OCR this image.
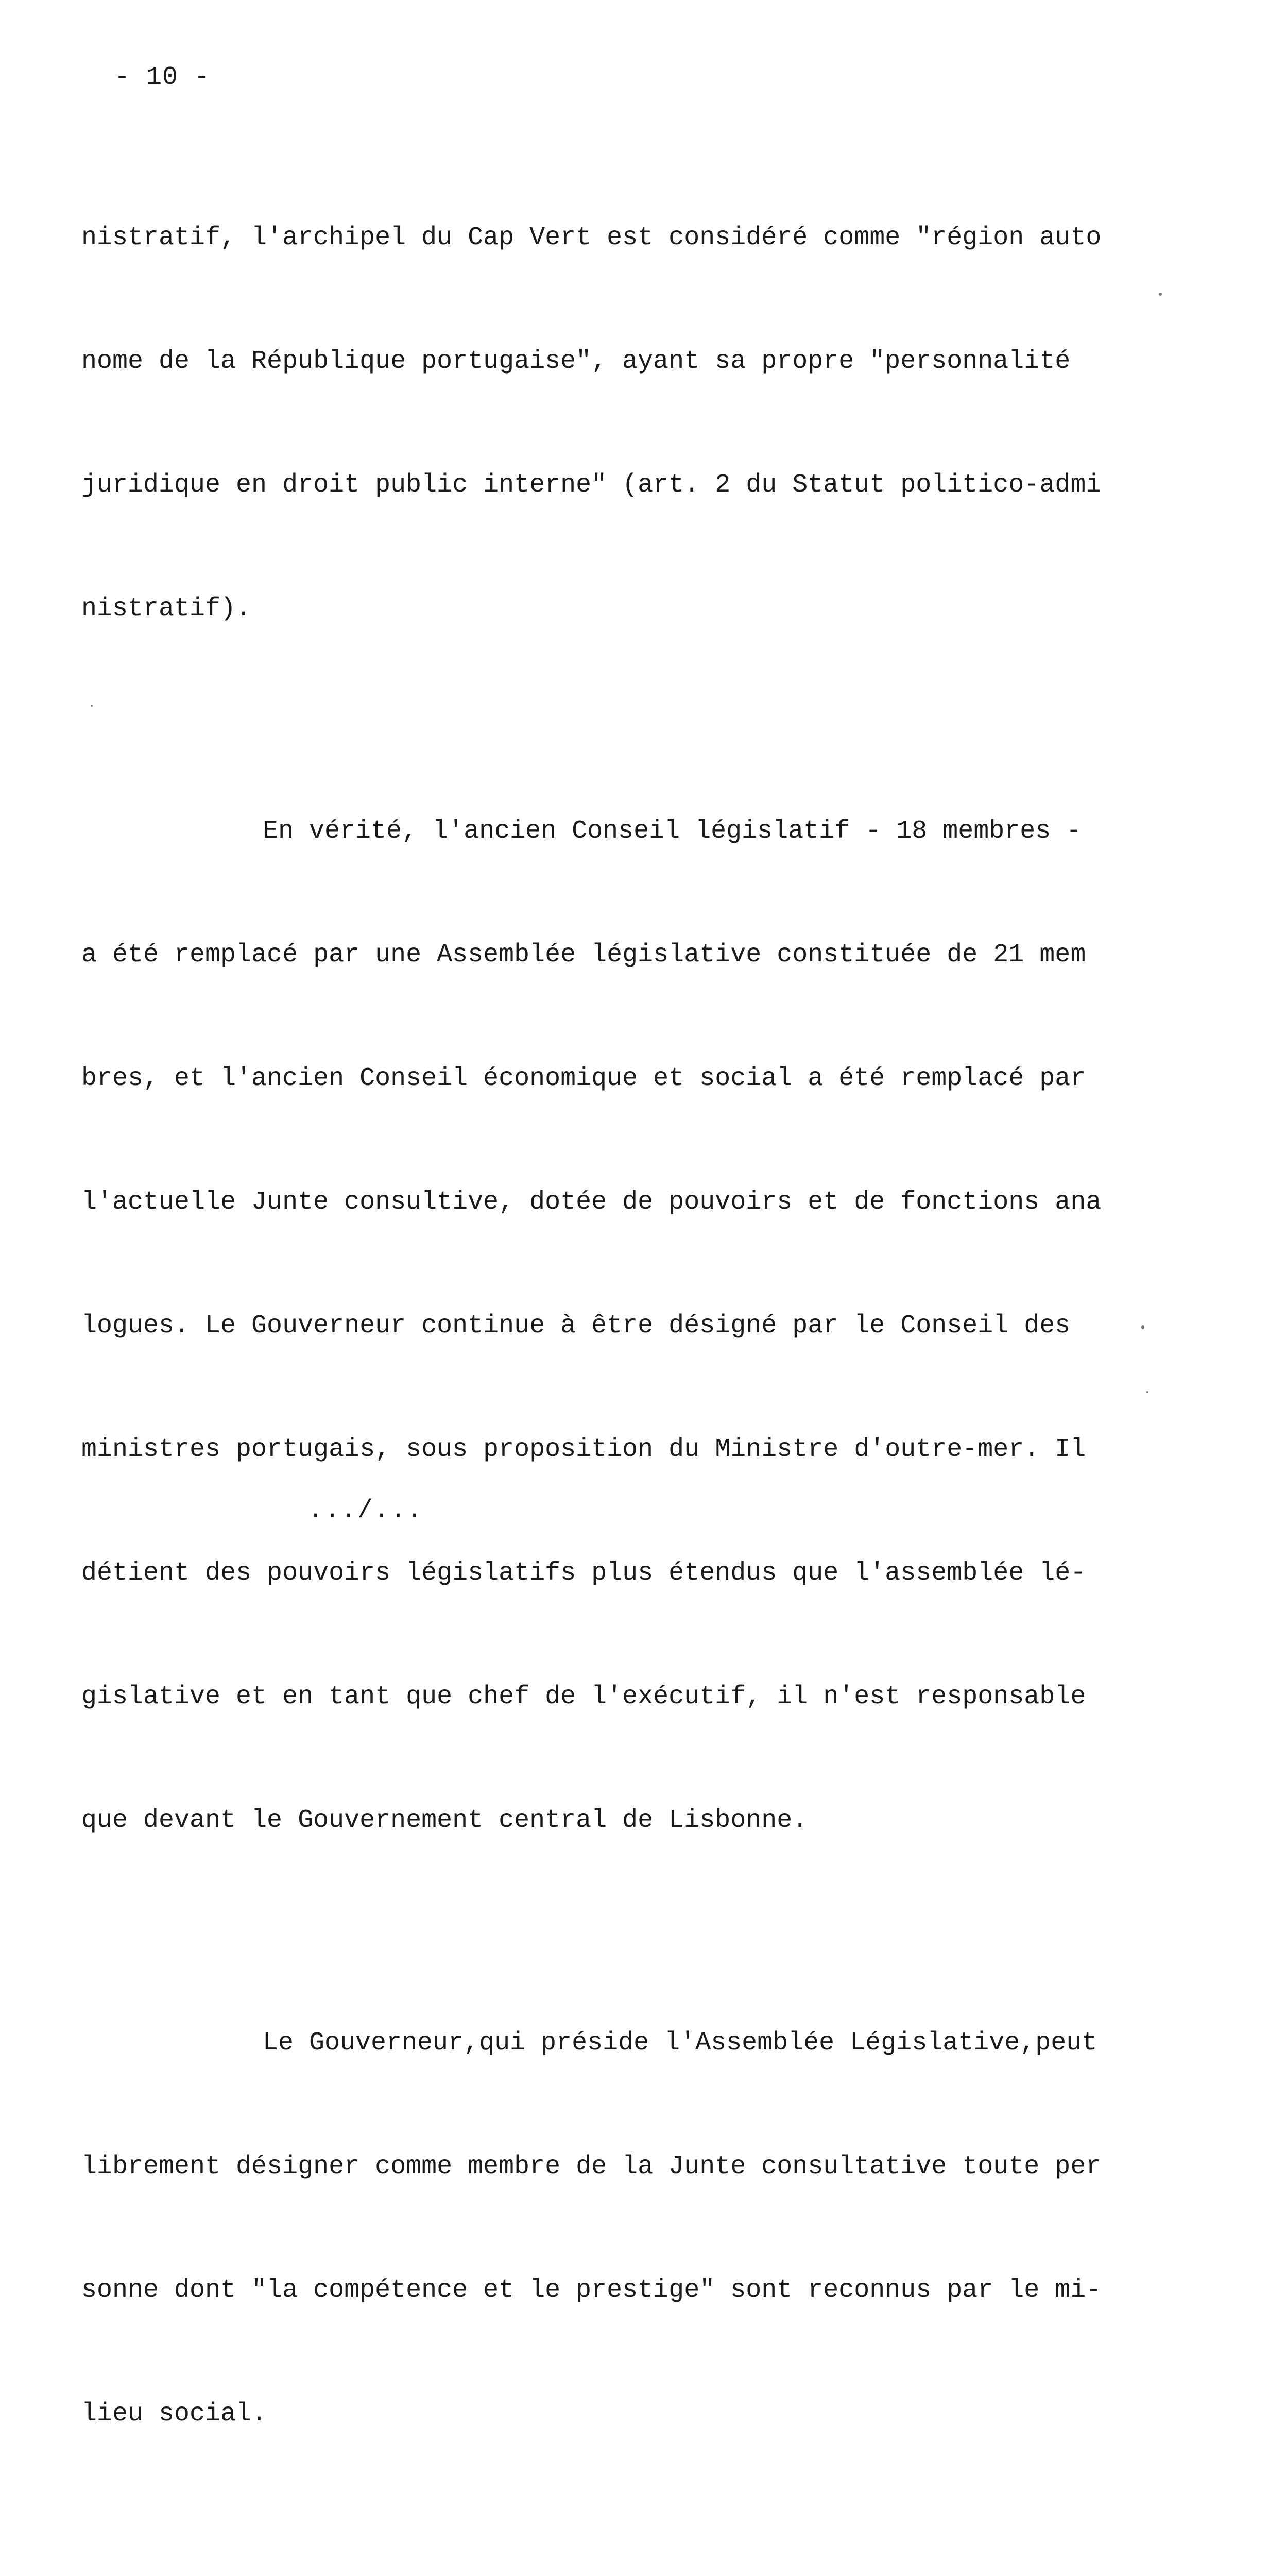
- 10 -

nistratif, l'archipel du Cap Vert est considéré comme "région auto

nome de la République portugaise", ayant sa propre "personnalité

juridique en droit public interne" (art. 2 du Statut politico-admi

nistratif).

En vérité, l'ancien Conseil législatif - 18 membres -

a été remplacé par une Assemblée législative constituée de 21 mem

bres, et l'ancien Conseil économique et social a été remplacé par

l'actuelle Junte consultive, dotée de pouvoirs et de fonctions ana

logues. Le Gouverneur continue à être désigné par le Conseil des

ministres portugais, sous proposition du Ministre d'outre-mer. Il

détient des pouvoirs législatifs plus étendus que l'assemblée lé-

gislative et en tant que chef de l'exécutif, il n'est responsable

que devant le Gouvernement central de Lisbonne.

Le Gouverneur,qui préside l'Assemblée Législative,peut

librement désigner comme membre de la Junte consultative toute per

sonne dont "la compétence et le prestige" sont reconnus par le mi-

lieu social.

.../...
